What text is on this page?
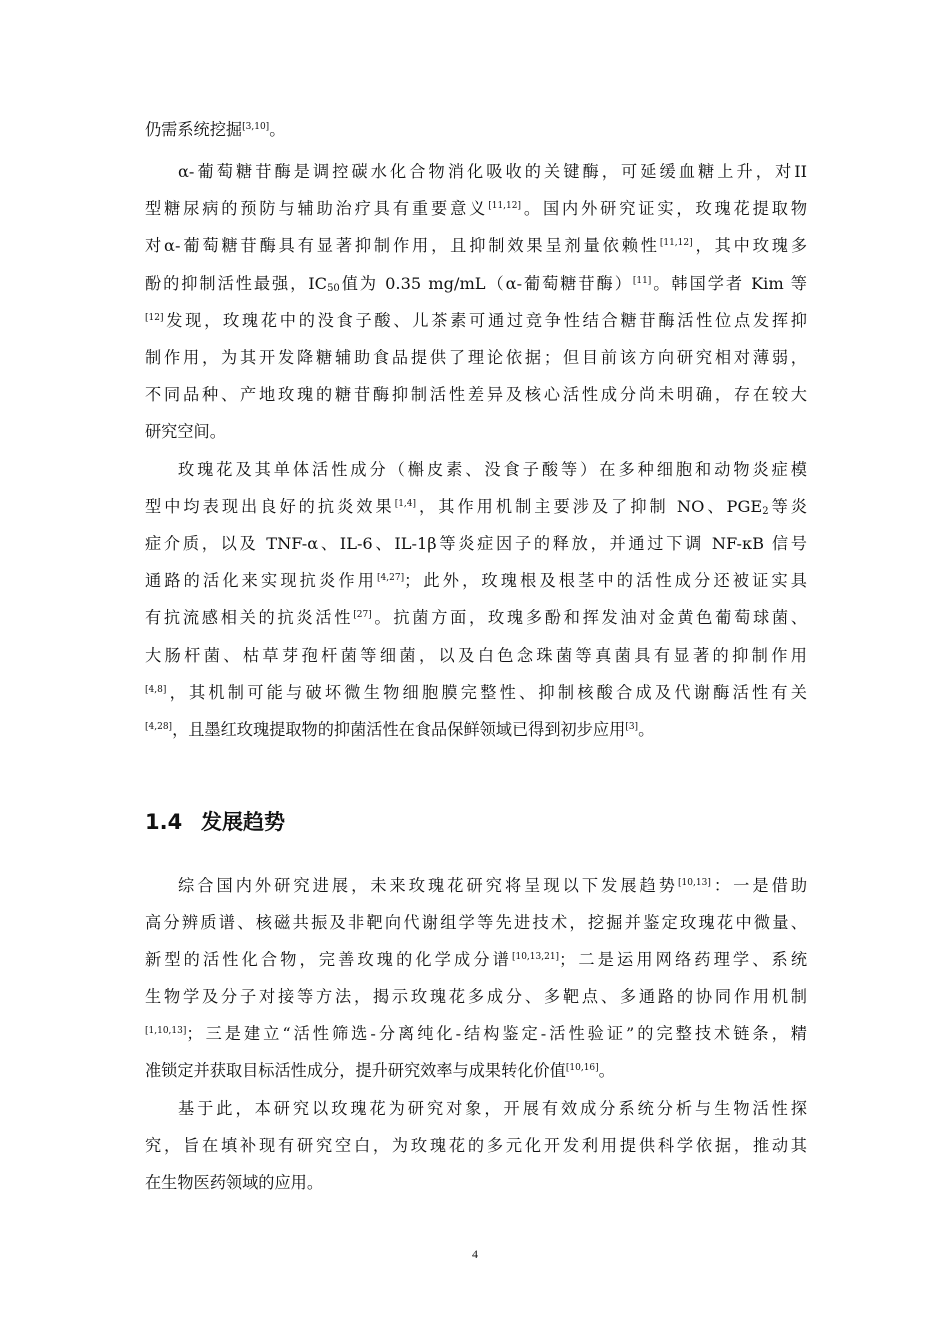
仍需系统挖掘[3,10]。
α-葡萄糖苷酶是调控碳水化合物消化吸收的关键酶，可延缓血糖上升，对II
型糖尿病的预防与辅助治疗具有重要意义[11,12]。国内外研究证实，玫瑰花提取物
对α-葡萄糖苷酶具有显著抑制作用，且抑制效果呈剂量依赖性[11,12]，其中玫瑰多
酚的抑制活性最强，$IC_{50}$值为 0.35 mg/mL（α-葡萄糖苷酶）[11]。韩国学者 Kim 等
[12]发现，玫瑰花中的没食子酸、儿茶素可通过竞争性结合糖苷酶活性位点发挥抑
制作用，为其开发降糖辅助食品提供了理论依据；但目前该方向研究相对薄弱，
不同品种、产地玫瑰的糖苷酶抑制活性差异及核心活性成分尚未明确，存在较大
研究空间。
玫瑰花及其单体活性成分（槲皮素、没食子酸等）在多种细胞和动物炎症模
型中均表现出良好的抗炎效果[1,4]，其作用机制主要涉及了抑制 NO、$PGE_2$等炎
症介质，以及 TNF-α、IL-6、IL-1β等炎症因子的释放，并通过下调 NF-κB 信号
通路的活化来实现抗炎作用[4,27]；此外，玫瑰根及根茎中的活性成分还被证实具
有抗流感相关的抗炎活性[27]。抗菌方面，玫瑰多酚和挥发油对金黄色葡萄球菌、
大肠杆菌、枯草芽孢杆菌等细菌，以及白色念珠菌等真菌具有显著的抑制作用
[4,8]，其机制可能与破坏微生物细胞膜完整性、抑制核酸合成及代谢酶活性有关
[4,28]，且墨红玫瑰提取物的抑菌活性在食品保鲜领域已得到初步应用[3]。
1.4 发展趋势
综合国内外研究进展，未来玫瑰花研究将呈现以下发展趋势[10,13]：一是借助
高分辨质谱、核磁共振及非靶向代谢组学等先进技术，挖掘并鉴定玫瑰花中微量、
新型的活性化合物，完善玫瑰的化学成分谱[10,13,21]；二是运用网络药理学、系统
生物学及分子对接等方法，揭示玫瑰花多成分、多靶点、多通路的协同作用机制
[1,10,13]；三是建立“活性筛选-分离纯化-结构鉴定-活性验证”的完整技术链条，精
准锁定并获取目标活性成分，提升研究效率与成果转化价值[10,16]。
基于此，本研究以玫瑰花为研究对象，开展有效成分系统分析与生物活性探
究，旨在填补现有研究空白，为玫瑰花的多元化开发利用提供科学依据，推动其
在生物医药领域的应用。
4
